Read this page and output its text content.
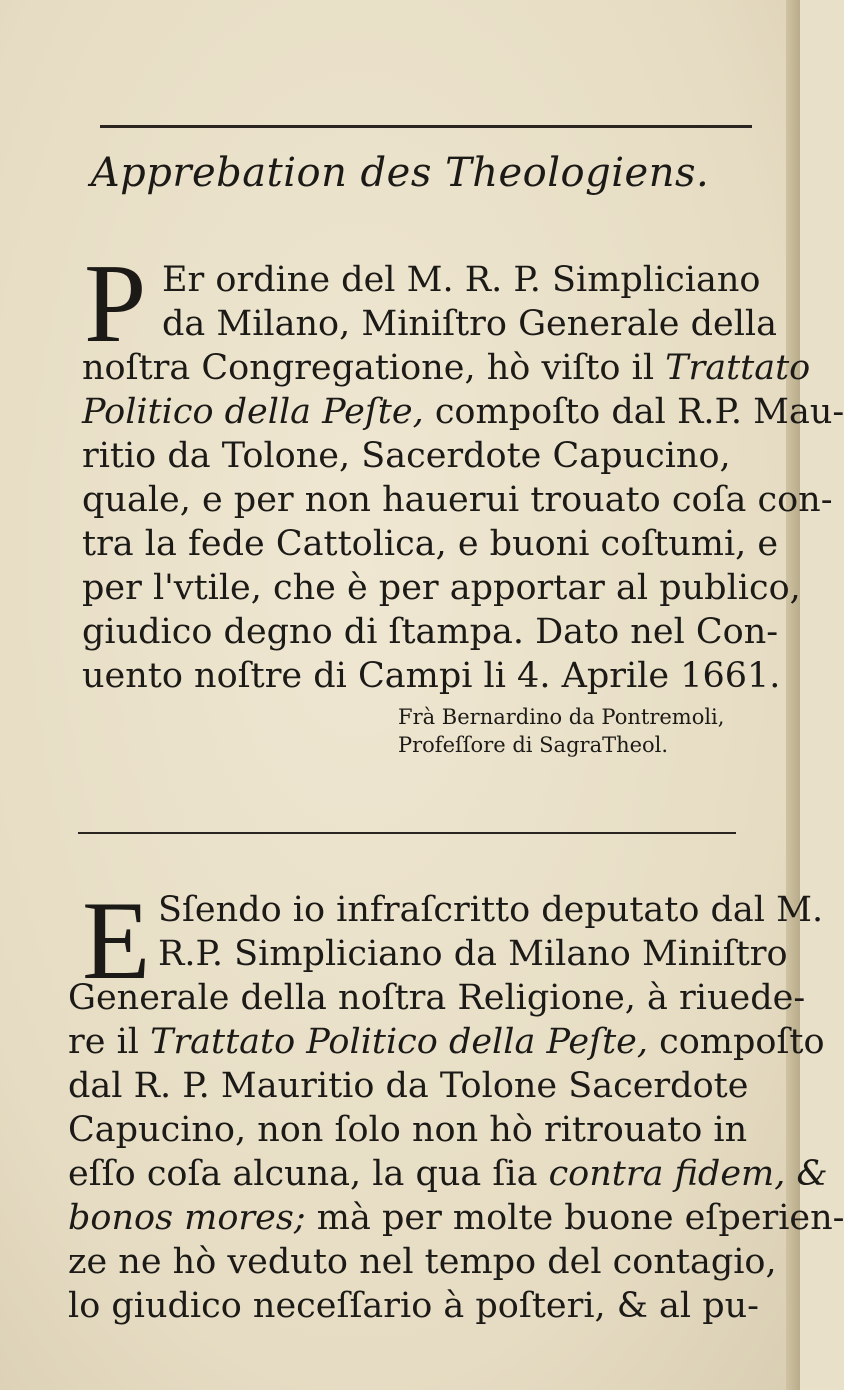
Apprebation des Theologiens.
P Er ordine del M. R. P. Simpliciano
da Milano, Miniſtro Generale della
noſtra Congregatione, hò viſto il Trattato
Politico della Peſte, compoſto dal R.P. Mau-
ritio da Tolone, Sacerdote Capucino,
quale, e per non hauerui trouato coſa con-
tra la fede Cattolica, e buoni coſtumi, e
per l'vtile, che è per apportar al publico,
giudico degno di ſtampa. Dato nel Con-
uento noſtre di Campi li 4. Aprile 1661.
Frà Bernardino da Pontremoli,
Profeſſore di SagraTheol.
E Sſendo io infraſcritto deputato dal M.
R.P. Simpliciano da Milano Miniſtro
Generale della noſtra Religione, à riuede-
re il Trattato Politico della Peſte, compoſto
dal R. P. Mauritio da Tolone Sacerdote
Capucino, non ſolo non hò ritrouato in
eſſo coſa alcuna, la qua ſia contra fidem, &
bonos mores; mà per molte buone eſperien-
ze ne hò veduto nel tempo del contagio,
lo giudico neceſſario à poſteri, & al pu-
